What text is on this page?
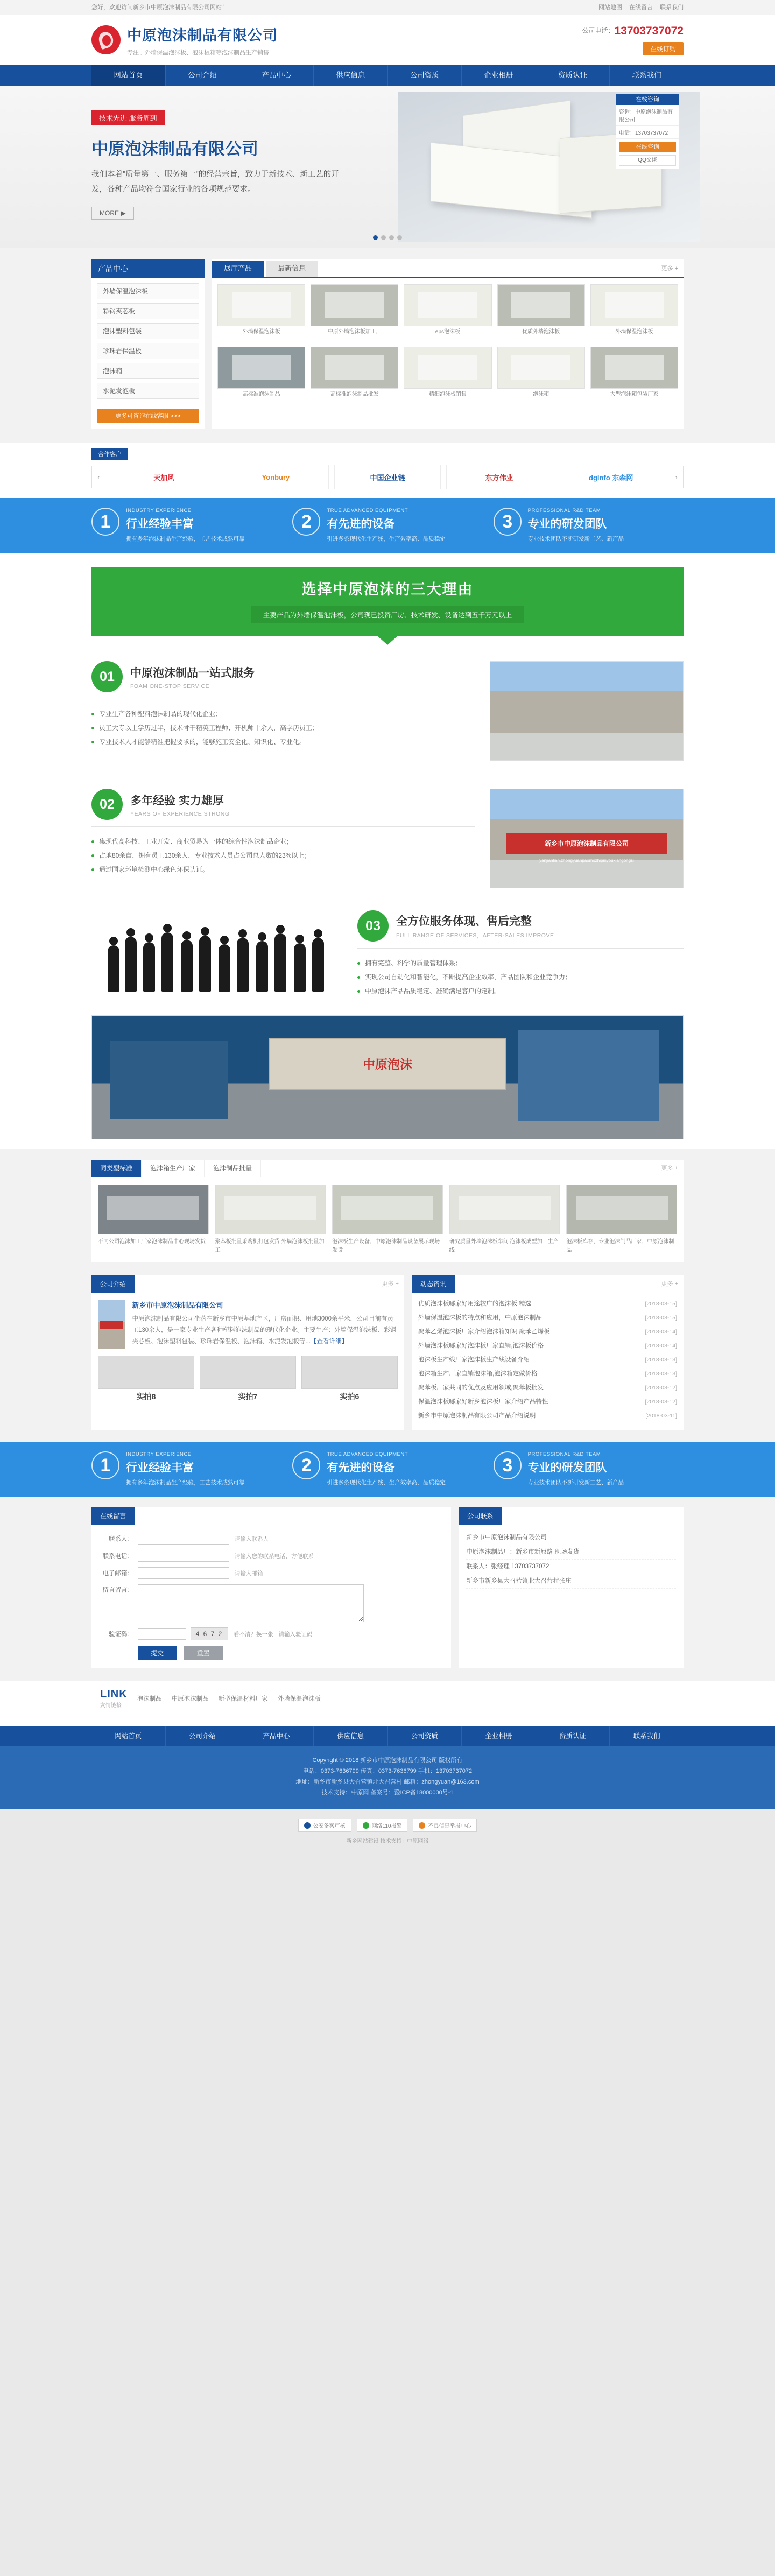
您好，欢迎访问新乡市中原泡沫制品有限公司网站！	网站地图 在线留言 联系我们
中原泡沫制品有限公司
专注于外墙保温泡沫板、泡沫板箱等泡沫制品生产销售
公司电话：13703737072
在线订购
网站首页	公司介绍	产品中心	供应信息	公司资质	企业相册	资质认证	联系我们
技术先进 服务周到
中原泡沫制品有限公司
我们本着"质量第一、服务第一"的经营宗旨，致力于新技术、新工艺的开发，各种产品均符合国家行业的各项规范要求。
MORE ▶
在线咨询
咨询：中原泡沫制品有限公司
电话：13703737072
在线咨询
QQ交谈
产品中心
外墙保温泡沫板
彩钢夹芯板
泡沫塑料包装
珍珠岩保温板
泡沫箱
水泥发泡板
更多可咨询在线客服 >>>
展厅产品	最新信息	更多 +
外墙保温泡沫板	中原外墙泡沫板加工厂	eps泡沫板	优质外墙泡沫板	外墙保温泡沫板
高标准泡沫制品	高标准泡沫制品批发	精细泡沫板销售	泡沫箱	大型泡沫箱包装厂家
合作客户
‹	天加风	Yonbury	中国企业链	东方伟业	dginfo 东森网	›
1
INDUSTRY EXPERIENCE
行业经验丰富
拥有多年泡沫制品生产经验，工艺技术成熟可靠
2
TRUE ADVANCED EQUIPMENT
有先进的设备
引进多条现代化生产线，生产效率高、品质稳定
3
PROFESSIONAL R&D TEAM
专业的研发团队
专业技术团队不断研发新工艺、新产品
选择中原泡沫的三大理由

主要产品为外墙保温泡沫板，公司现已投资厂房、技术研发、设备达到五千万元以上

01	中原泡沫制品一站式服务
FOAM ONE-STOP SERVICE
专业生产各种塑料泡沫制品的现代化企业；
员工大专以上学历过半，技术骨干精英工程师、开机师十余人，高学历员工；
专业技术人才能够精准把握要求的，能够施工安全化、知识化、专业化。
02	多年经验 实力雄厚
YEARS OF EXPERIENCE STRONG
集现代高科技、工业开发、商业贸易为一体的综合性泡沫制品企业；
占地80余亩，拥有员工130余人，专业技术人员占公司总人数的23%以上；
通过国家环境检测中心绿色环保认证。
新乡市中原泡沫制品有限公司
yanjianlian.zhongyuanpaomozhipinyouxiangongsi
03	全方位服务体现、售后完整
FULL RANGE OF SERVICES，AFTER-SALES IMPROVE
拥有完整、科学的质量管理体系；
实现公司自动化和智能化，不断提高企业效率，产品团队和企业竞争力；
中原泡沫产品品质稳定、准确满足客户的定制。
中原泡沫
同类型标准	泡沫箱生产厂家	泡沫制品批量	更多 +
不同公司泡沫加工厂家泡沫制品中心现场发货	聚苯板批量采购机打包发货 外墙泡沫板批量加工
泡沫板生产设备，中原泡沫制品设备展示现场发货
研究质量外墙泡沫板车间 泡沫板成型加工生产线
泡沫板库存，专业泡沫制品厂家，中原泡沫制品
公司介绍	更多 +
新乡市中原泡沫制品有限公司

中原泡沫制品有限公司坐落在新乡市中原基地产区，厂房面积、用地3000余平米，公司目前有员工130余人，是一家专业生产各种塑料泡沫制品的现代化企业。主要生产：外墙保温泡沫板、彩钢夹芯板、泡沫塑料包装、珍珠岩保温板、泡沫箱、水泥发泡板等...【查看详细】

实拍8	实拍7	实拍6
动态资讯	更多 +
优质泡沫板哪家好用途较广的泡沫板 精选	[2018-03-15]
外墙保温泡沫板的特点和应用，中原泡沫制品	[2018-03-15]
聚苯乙烯泡沫板厂家介绍泡沫箱知识,聚苯乙烯板	[2018-03-14]
外墙泡沫板哪家好泡沫板厂家直销,泡沫板价格	[2018-03-14]
泡沫板生产线厂家泡沫板生产线设备介绍	[2018-03-13]
泡沫箱生产厂家直销泡沫箱,泡沫箱定做价格	[2018-03-13]
聚苯板厂家共同的优点及应用领域,聚苯板批发	[2018-03-12]
保温泡沫板哪家好新乡泡沫板厂家介绍产品特性	[2018-03-12]
新乡市中原泡沫制品有限公司产品介绍说明	[2018-03-11]
1
INDUSTRY EXPERIENCE
行业经验丰富
拥有多年泡沫制品生产经验，工艺技术成熟可靠
2
TRUE ADVANCED EQUIPMENT
有先进的设备
引进多条现代化生产线，生产效率高、品质稳定
3
PROFESSIONAL R&D TEAM
专业的研发团队
专业技术团队不断研发新工艺、新产品
在线留言
联系人：	请输入联系人
联系电话：	请输入您的联系电话，方便联系
电子邮箱：	请输入邮箱
留言留言：
验证码：	4 6 7 2	看不清？换一张 请输入验证码
提交	重置
公司联系
新乡市中原泡沫制品有限公司
中原泡沫制品厂：新乡市新原路 现场发货
联系人：张经理 13703737072
新乡市新乡县大召营镇北大召营村张庄
LINK
友情链接
泡沫制品 中原泡沫制品 新型保温材料厂家 外墙保温泡沫板
网站首页	公司介绍	产品中心	供应信息	公司资质	企业相册	资质认证	联系我们
Copyright © 2018 新乡市中原泡沫制品有限公司 版权所有
电话：0373-7636799 传真：0373-7636799 手机：13703737072
地址：新乡市新乡县大召营镇北大召营村 邮箱：zhongyuan@163.com
技术支持：中原网 备案号：豫ICP备18000000号-1
公安备案审核	网络110报警	不良信息举报中心
新乡网站建设 技术支持：中原网络
